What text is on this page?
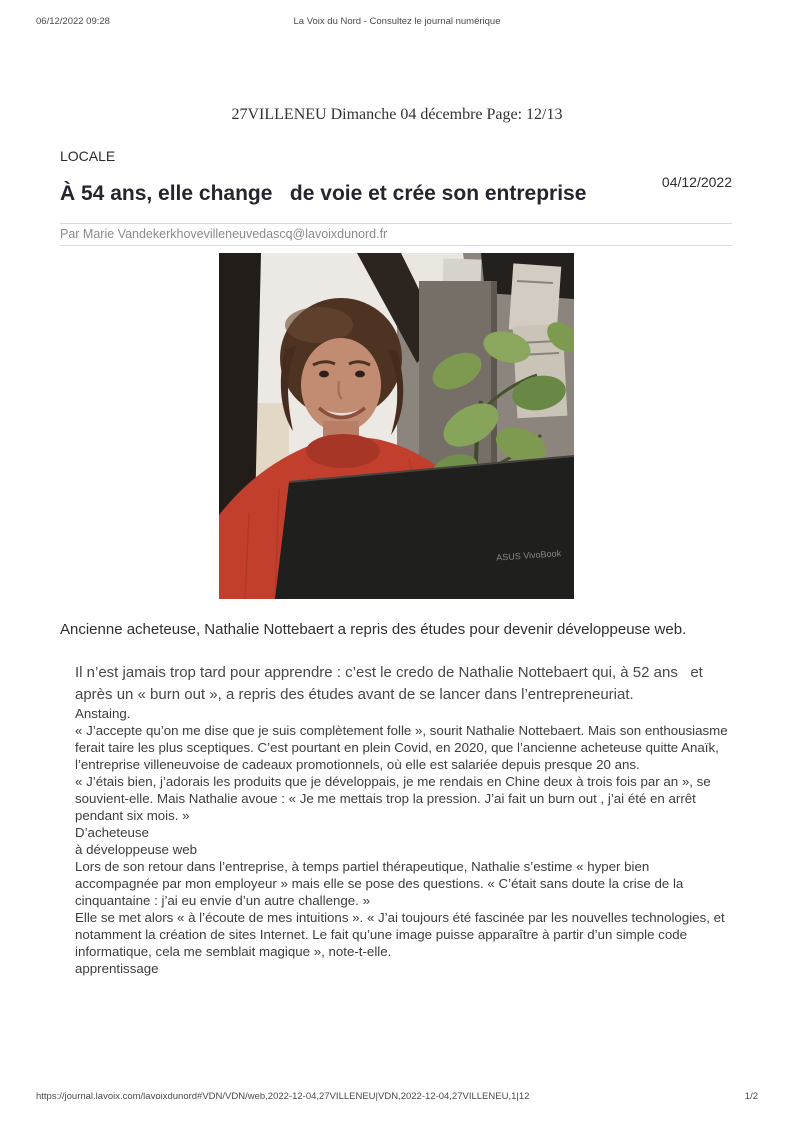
06/12/2022 09:28	La Voix du Nord - Consultez le journal numérique
27VILLENEU Dimanche 04 décembre Page: 12/13
LOCALE
04/12/2022
À 54 ans, elle change   de voie et crée son entreprise
Par Marie Vandekerkhovevilleneuvedascq@lavoixdunord.fr
ASUS VivoBook

Ancienne acheteuse, Nathalie Nottebaert a repris des études pour devenir développeuse web.

Il n’est jamais trop tard pour apprendre : c’est le credo de Nathalie Nottebaert qui, à 52 ans   et après un « burn out », a repris des études avant de se lancer dans l’entrepreneuriat.

Anstaing.

« J’accepte qu’on me dise que je suis complètement folle », sourit Nathalie Nottebaert. Mais son enthousiasme ferait taire les plus sceptiques. C’est pourtant en plein Covid, en 2020, que l’ancienne acheteuse quitte Anaïk, l’entreprise villeneuvoise de cadeaux promotionnels, où elle est salariée depuis presque 20 ans.

« J’étais bien, j’adorais les produits que je développais, je me rendais en Chine deux à trois fois par an », se souvient-elle. Mais Nathalie avoue : « Je me mettais trop la pression. J’ai fait un burn out , j’ai été en arrêt pendant six mois. »

D’acheteuse

à développeuse web

Lors de son retour dans l’entreprise, à temps partiel thérapeutique, Nathalie s’estime « hyper bien accompagnée par mon employeur » mais elle se pose des questions. « C’était sans doute la crise de la cinquantaine : j’ai eu envie d’un autre challenge. »

Elle se met alors « à l’écoute de mes intuitions ». « J’ai toujours été fascinée par les nouvelles technologies, et notamment la création de sites Internet. Le fait qu’une image puisse apparaître à partir d’un simple code informatique, cela me semblait magique », note-t-elle.

apprentissage

https://journal.lavoix.com/lavoixdunord#VDN/VDN/web,2022-12-04,27VILLENEU|VDN,2022-12-04,27VILLENEU,1|12	1/2
